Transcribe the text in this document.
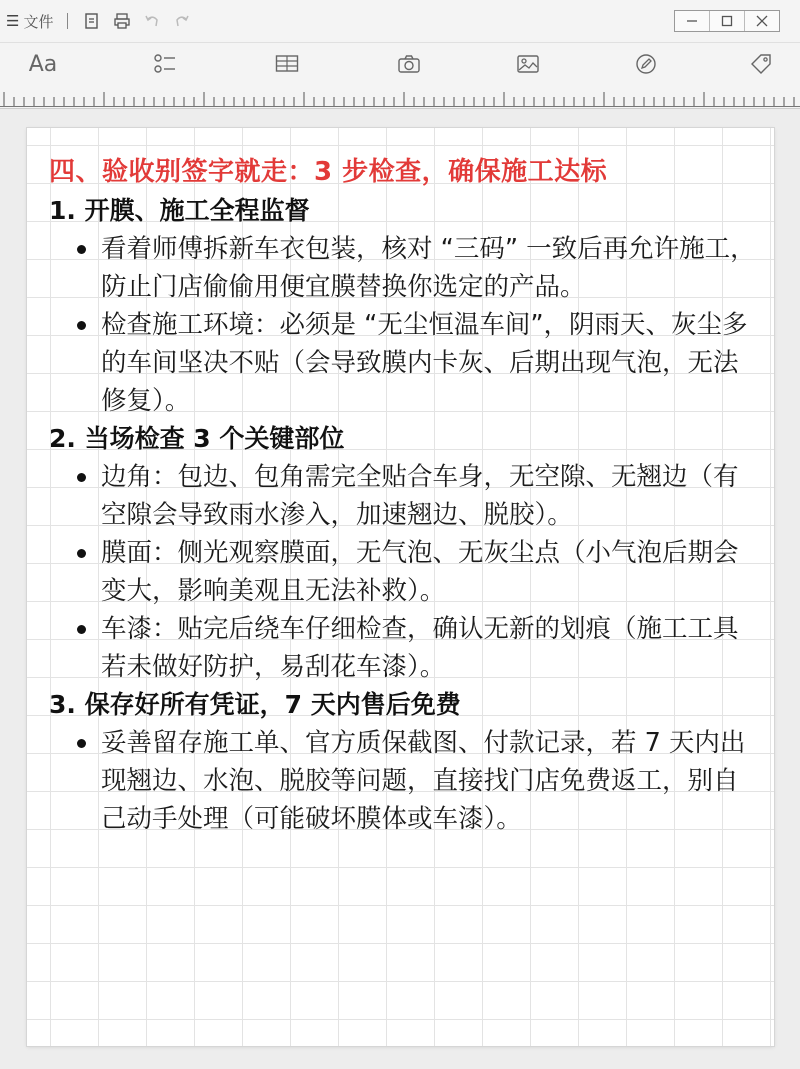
☰ 文件
Aa
四、验收别签字就走：3 步检查，确保施工达标
1. 开膜、施工全程监督
看着师傅拆新车衣包装，核对 “三码” 一致后再允许施工，防止门店偷偷用便宜膜替换你选定的产品。
检查施工环境：必须是 “无尘恒温车间”，阴雨天、灰尘多的车间坚决不贴（会导致膜内卡灰、后期出现气泡，无法修复）。
2. 当场检查 3 个关键部位
边角：包边、包角需完全贴合车身，无空隙、无翘边（有空隙会导致雨水渗入，加速翘边、脱胶）。
膜面：侧光观察膜面，无气泡、无灰尘点（小气泡后期会变大，影响美观且无法补救）。
车漆：贴完后绕车仔细检查，确认无新的划痕（施工工具若未做好防护，易刮花车漆）。
3. 保存好所有凭证，7 天内售后免费
妥善留存施工单、官方质保截图、付款记录，若 7 天内出现翘边、水泡、脱胶等问题，直接找门店免费返工，别自己动手处理（可能破坏膜体或车漆）。
